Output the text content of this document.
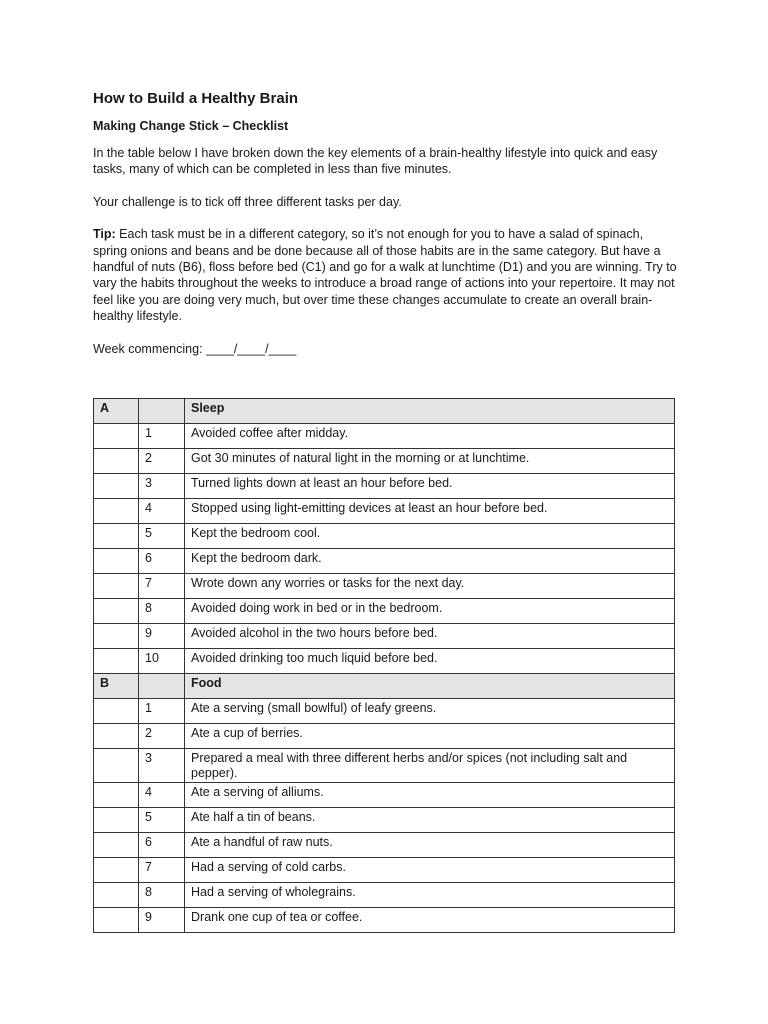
How to Build a Healthy Brain
Making Change Stick – Checklist

In the table below I have broken down the key elements of a brain-healthy lifestyle into quick and easy tasks, many of which can be completed in less than five minutes.

Your challenge is to tick off three different tasks per day.

Tip: Each task must be in a different category, so it’s not enough for you to have a salad of spinach, spring onions and beans and be done because all of those habits are in the same category. But have a handful of nuts (B6), floss before bed (C1) and go for a walk at lunchtime (D1) and you are winning. Try to vary the habits throughout the weeks to introduce a broad range of actions into your repertoire. It may not feel like you are doing very much, but over time these changes accumulate to create an overall brain-healthy lifestyle.

Week commencing: ____/____/____

A		Sleep
	1	Avoided coffee after midday.
	2	Got 30 minutes of natural light in the morning or at lunchtime.
	3	Turned lights down at least an hour before bed.
	4	Stopped using light-emitting devices at least an hour before bed.
	5	Kept the bedroom cool.
	6	Kept the bedroom dark.
	7	Wrote down any worries or tasks for the next day.
	8	Avoided doing work in bed or in the bedroom.
	9	Avoided alcohol in the two hours before bed.
	10	Avoided drinking too much liquid before bed.
B		Food
	1	Ate a serving (small bowlful) of leafy greens.
	2	Ate a cup of berries.
	3	Prepared a meal with three different herbs and/or spices (not including salt and pepper).
	4	Ate a serving of alliums.
	5	Ate half a tin of beans.
	6	Ate a handful of raw nuts.
	7	Had a serving of cold carbs.
	8	Had a serving of wholegrains.
	9	Drank one cup of tea or coffee.
